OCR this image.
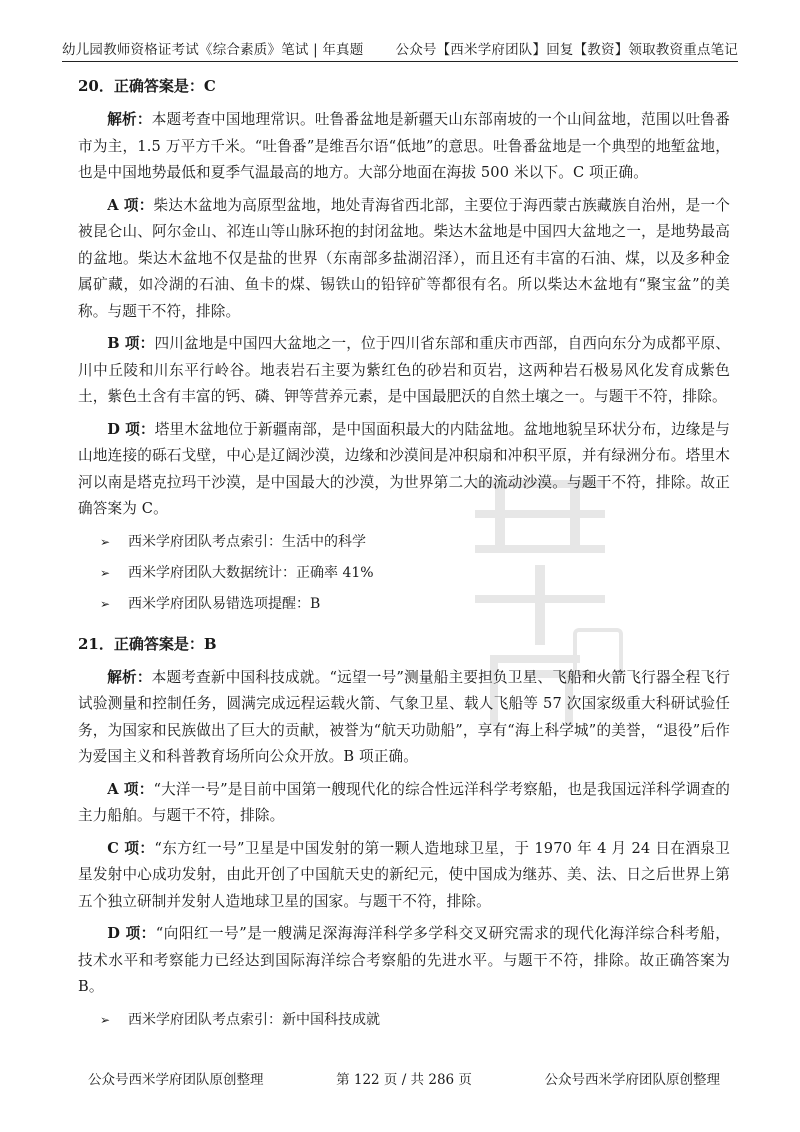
幼儿园教师资格证考试《综合素质》笔试 | 年真题 公众号【西米学府团队】回复【教资】领取教资重点笔记
20．正确答案是：C

解析：本题考查中国地理常识。吐鲁番盆地是新疆天山东部南坡的一个山间盆地，范围以吐鲁番市为主，1.5 万平方千米。“吐鲁番”是维吾尔语“低地”的意思。吐鲁番盆地是一个典型的地堑盆地，也是中国地势最低和夏季气温最高的地方。大部分地面在海拔 500 米以下。C 项正确。

A 项：柴达木盆地为高原型盆地，地处青海省西北部，主要位于海西蒙古族藏族自治州，是一个被昆仑山、阿尔金山、祁连山等山脉环抱的封闭盆地。柴达木盆地是中国四大盆地之一，是地势最高的盆地。柴达木盆地不仅是盐的世界（东南部多盐湖沼泽），而且还有丰富的石油、煤，以及多种金属矿藏，如冷湖的石油、鱼卡的煤、锡铁山的铅锌矿等都很有名。所以柴达木盆地有“聚宝盆”的美称。与题干不符，排除。

B 项：四川盆地是中国四大盆地之一，位于四川省东部和重庆市西部，自西向东分为成都平原、川中丘陵和川东平行岭谷。地表岩石主要为紫红色的砂岩和页岩，这两种岩石极易风化发育成紫色土，紫色土含有丰富的钙、磷、钾等营养元素，是中国最肥沃的自然土壤之一。与题干不符，排除。

D 项：塔里木盆地位于新疆南部，是中国面积最大的内陆盆地。盆地地貌呈环状分布，边缘是与山地连接的砾石戈壁，中心是辽阔沙漠，边缘和沙漠间是冲积扇和冲积平原，并有绿洲分布。塔里木河以南是塔克拉玛干沙漠，是中国最大的沙漠，为世界第二大的流动沙漠。与题干不符，排除。故正确答案为 C。

➢	西米学府团队考点索引：生活中的科学
➢	西米学府团队大数据统计：正确率 41%
➢	西米学府团队易错选项提醒：B
21．正确答案是：B

解析：本题考查新中国科技成就。“远望一号”测量船主要担负卫星、飞船和火箭飞行器全程飞行试验测量和控制任务，圆满完成远程运载火箭、气象卫星、载人飞船等 57 次国家级重大科研试验任务，为国家和民族做出了巨大的贡献，被誉为“航天功勋船”，享有“海上科学城”的美誉，“退役”后作为爱国主义和科普教育场所向公众开放。B 项正确。

A 项：“大洋一号”是目前中国第一艘现代化的综合性远洋科学考察船，也是我国远洋科学调查的主力船舶。与题干不符，排除。

C 项：“东方红一号”卫星是中国发射的第一颗人造地球卫星，于 1970 年 4 月 24 日在酒泉卫星发射中心成功发射，由此开创了中国航天史的新纪元，使中国成为继苏、美、法、日之后世界上第五个独立研制并发射人造地球卫星的国家。与题干不符，排除。

D 项：“向阳红一号”是一艘满足深海海洋科学多学科交叉研究需求的现代化海洋综合科考船，技术水平和考察能力已经达到国际海洋综合考察船的先进水平。与题干不符，排除。故正确答案为 B。

➢	西米学府团队考点索引：新中国科技成就
公众号西米学府团队原创整理	第 122 页 / 共 286 页	公众号西米学府团队原创整理
